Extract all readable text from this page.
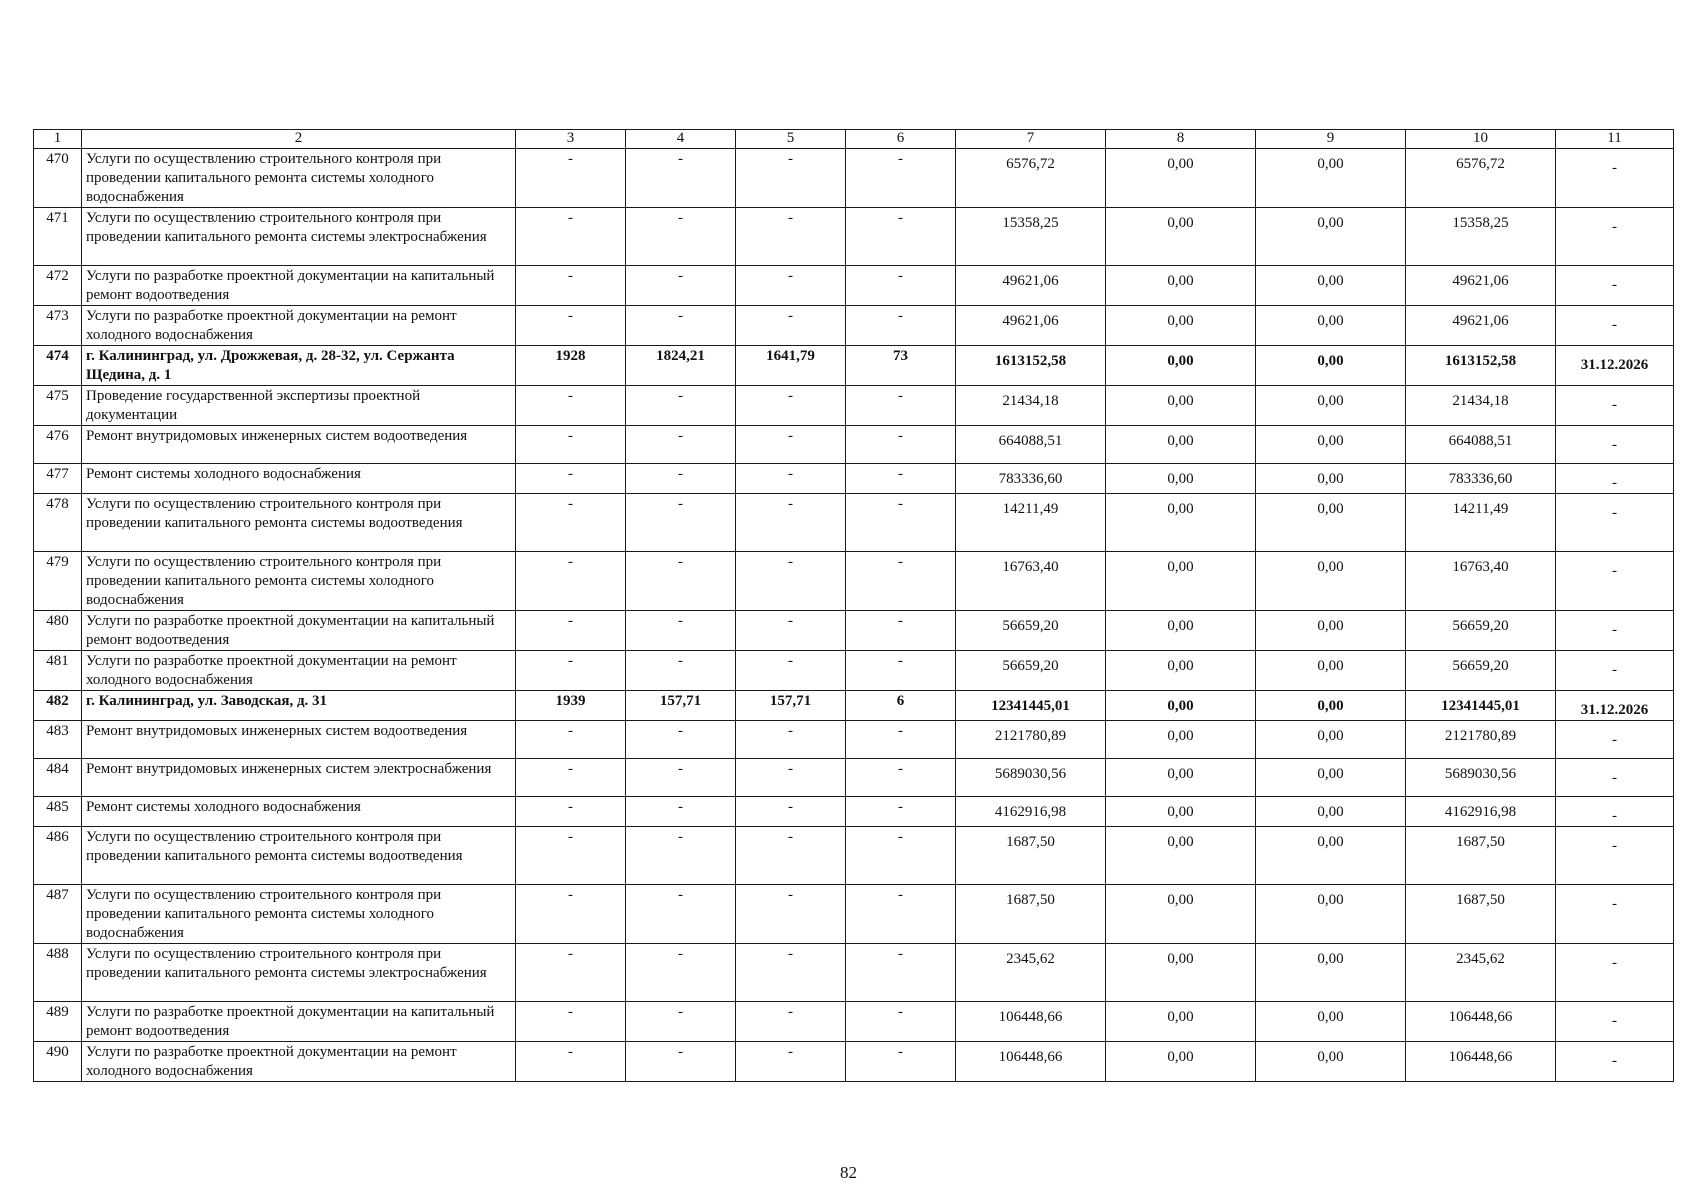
1	2	3	4	5	6	7	8	9	10	11
470	Услуги по осуществлению строительного контроля при проведении капитального ремонта системы холодного водоснабжения	-	-	-	-	6576,72	0,00	0,00	6576,72	-
471	Услуги по осуществлению строительного контроля при проведении капитального ремонта системы электроснабжения	-	-	-	-	15358,25	0,00	0,00	15358,25	-
472	Услуги по разработке проектной документации на капитальный ремонт водоотведения	-	-	-	-	49621,06	0,00	0,00	49621,06	-
473	Услуги по разработке проектной документации на ремонт холодного водоснабжения	-	-	-	-	49621,06	0,00	0,00	49621,06	-
474	г. Калининград, ул. Дрожжевая, д. 28-32, ул. Сержанта Щедина, д. 1	1928	1824,21	1641,79	73	1613152,58	0,00	0,00	1613152,58	31.12.2026
475	Проведение государственной экспертизы проектной документации	-	-	-	-	21434,18	0,00	0,00	21434,18	-
476	Ремонт внутридомовых инженерных систем водоотведения	-	-	-	-	664088,51	0,00	0,00	664088,51	-
477	Ремонт системы холодного водоснабжения	-	-	-	-	783336,60	0,00	0,00	783336,60	-
478	Услуги по осуществлению строительного контроля при проведении капитального ремонта системы водоотведения	-	-	-	-	14211,49	0,00	0,00	14211,49	-
479	Услуги по осуществлению строительного контроля при проведении капитального ремонта системы холодного водоснабжения	-	-	-	-	16763,40	0,00	0,00	16763,40	-
480	Услуги по разработке проектной документации на капитальный ремонт водоотведения	-	-	-	-	56659,20	0,00	0,00	56659,20	-
481	Услуги по разработке проектной документации на ремонт холодного водоснабжения	-	-	-	-	56659,20	0,00	0,00	56659,20	-
482	г. Калининград, ул. Заводская, д. 31	1939	157,71	157,71	6	12341445,01	0,00	0,00	12341445,01	31.12.2026
483	Ремонт внутридомовых инженерных систем водоотведения	-	-	-	-	2121780,89	0,00	0,00	2121780,89	-
484	Ремонт внутридомовых инженерных систем электроснабжения	-	-	-	-	5689030,56	0,00	0,00	5689030,56	-
485	Ремонт системы холодного водоснабжения	-	-	-	-	4162916,98	0,00	0,00	4162916,98	-
486	Услуги по осуществлению строительного контроля при проведении капитального ремонта системы водоотведения	-	-	-	-	1687,50	0,00	0,00	1687,50	-
487	Услуги по осуществлению строительного контроля при проведении капитального ремонта системы холодного водоснабжения	-	-	-	-	1687,50	0,00	0,00	1687,50	-
488	Услуги по осуществлению строительного контроля при проведении капитального ремонта системы электроснабжения	-	-	-	-	2345,62	0,00	0,00	2345,62	-
489	Услуги по разработке проектной документации на капитальный ремонт водоотведения	-	-	-	-	106448,66	0,00	0,00	106448,66	-
490	Услуги по разработке проектной документации на ремонт холодного водоснабжения	-	-	-	-	106448,66	0,00	0,00	106448,66	-
82
